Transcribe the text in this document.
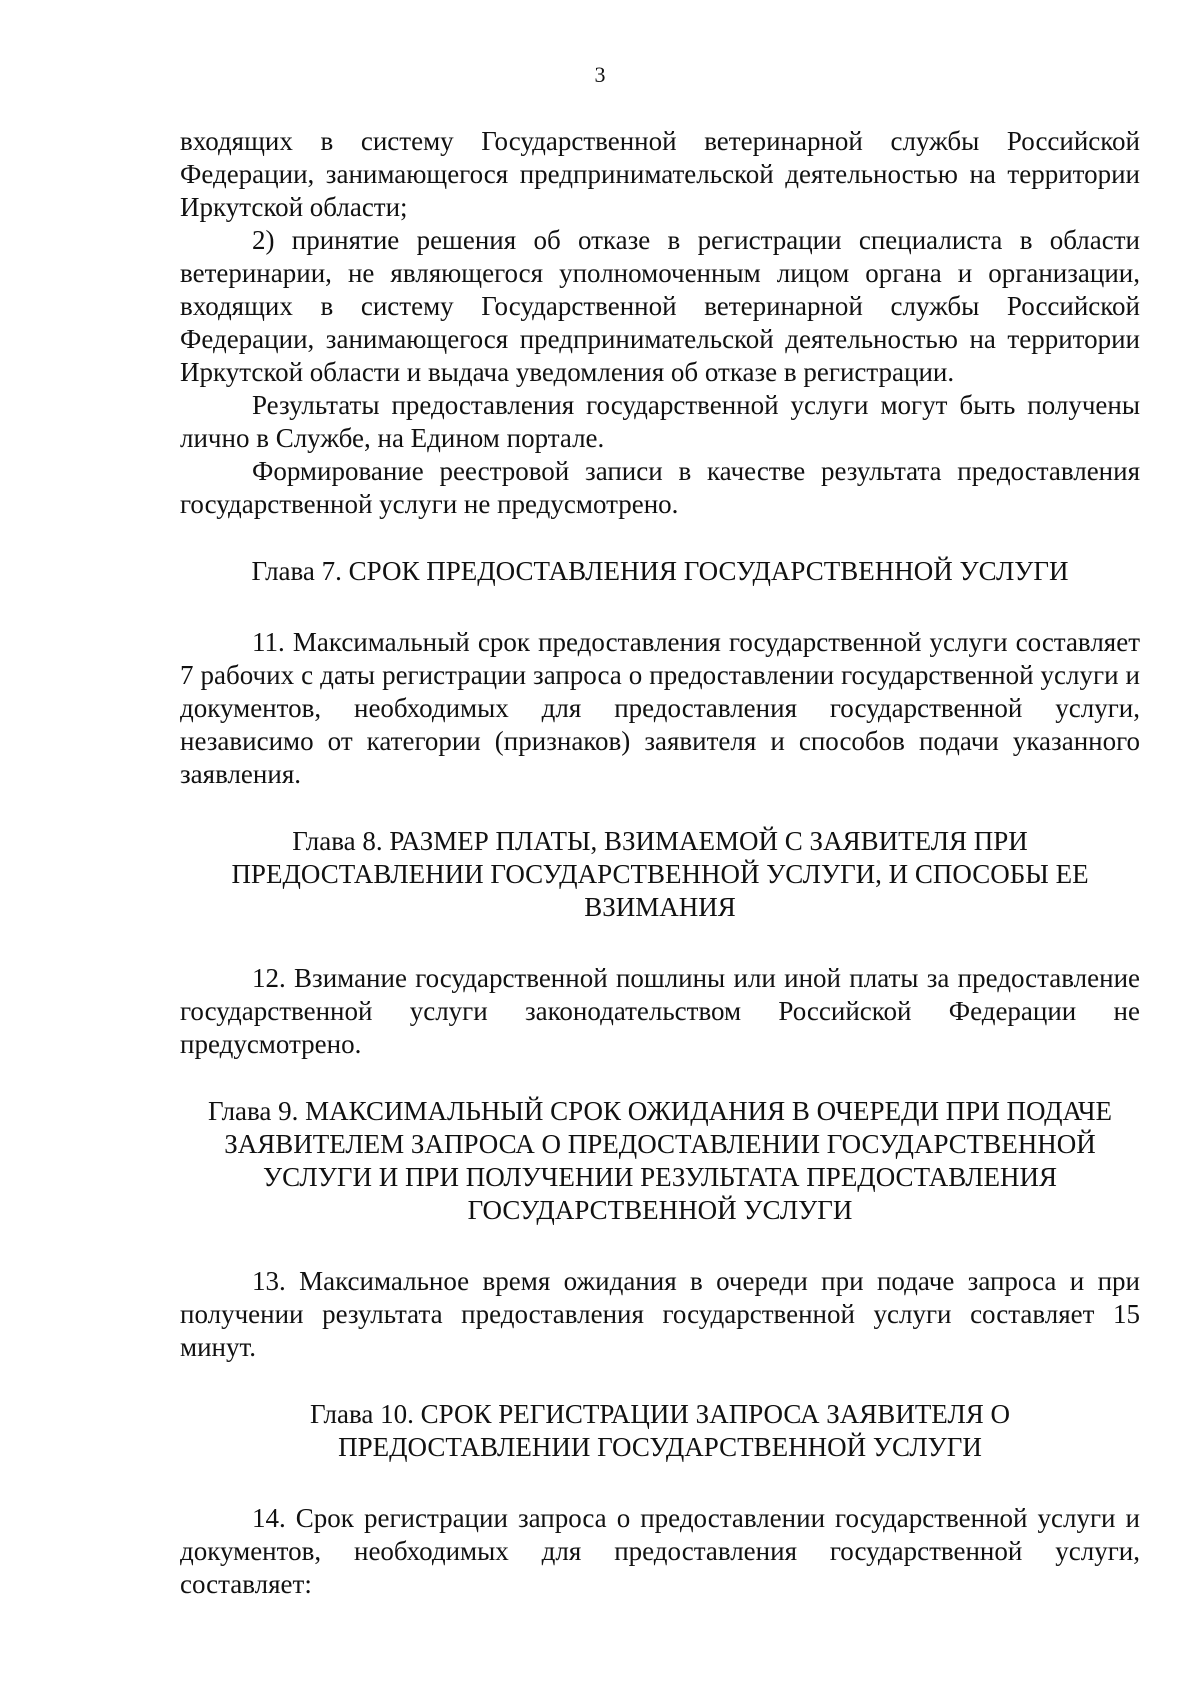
3

входящих в систему Государственной ветеринарной службы Российской Федерации, занимающегося предпринимательской деятельностью на территории Иркутской области;

2) принятие решения об отказе в регистрации специалиста в области ветеринарии, не являющегося уполномоченным лицом органа и организации, входящих в систему Государственной ветеринарной службы Российской Федерации, занимающегося предпринимательской деятельностью на территории Иркутской области и выдача уведомления об отказе в регистрации.

Результаты предоставления государственной услуги могут быть получены лично в Службе, на Едином портале.

Формирование реестровой записи в качестве результата предоставления государственной услуги не предусмотрено.

Глава 7. СРОК ПРЕДОСТАВЛЕНИЯ ГОСУДАРСТВЕННОЙ УСЛУГИ

11. Максимальный срок предоставления государственной услуги составляет 7 рабочих с даты регистрации запроса о предоставлении государственной услуги и документов, необходимых для предоставления государственной услуги, независимо от категории (признаков) заявителя и способов подачи указанного заявления.

Глава 8. РАЗМЕР ПЛАТЫ, ВЗИМАЕМОЙ С ЗАЯВИТЕЛЯ ПРИ
ПРЕДОСТАВЛЕНИИ ГОСУДАРСТВЕННОЙ УСЛУГИ, И СПОСОБЫ ЕЕ
ВЗИМАНИЯ

12. Взимание государственной пошлины или иной платы за предоставление государственной услуги законодательством Российской Федерации не предусмотрено.

Глава 9. МАКСИМАЛЬНЫЙ СРОК ОЖИДАНИЯ В ОЧЕРЕДИ ПРИ ПОДАЧЕ
ЗАЯВИТЕЛЕМ ЗАПРОСА О ПРЕДОСТАВЛЕНИИ ГОСУДАРСТВЕННОЙ
УСЛУГИ И ПРИ ПОЛУЧЕНИИ РЕЗУЛЬТАТА ПРЕДОСТАВЛЕНИЯ
ГОСУДАРСТВЕННОЙ УСЛУГИ

13. Максимальное время ожидания в очереди при подаче запроса и при получении результата предоставления государственной услуги составляет 15 минут.

Глава 10. СРОК РЕГИСТРАЦИИ ЗАПРОСА ЗАЯВИТЕЛЯ О
ПРЕДОСТАВЛЕНИИ ГОСУДАРСТВЕННОЙ УСЛУГИ

14. Срок регистрации запроса о предоставлении государственной услуги и документов, необходимых для предоставления государственной услуги, составляет:
